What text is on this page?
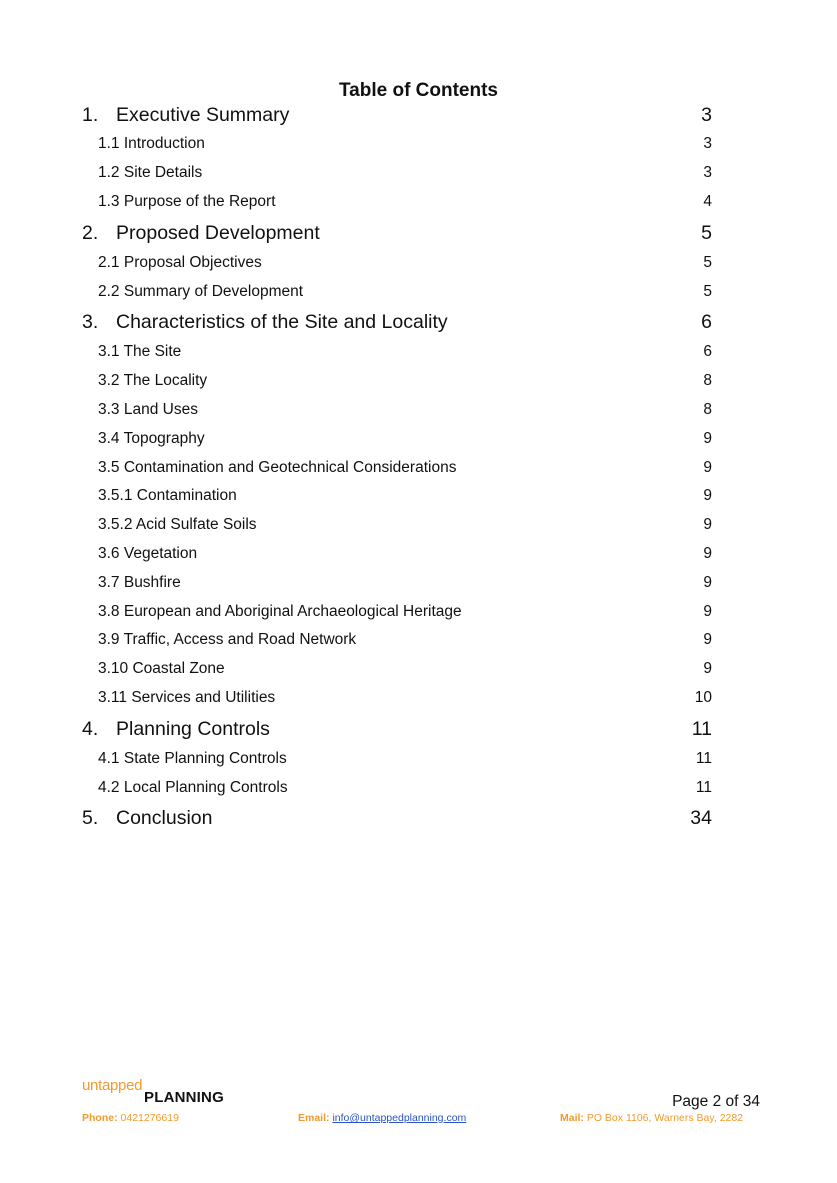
Table of Contents
1. Executive Summary	3
1.1 Introduction	3
1.2 Site Details	3
1.3 Purpose of the Report	4
2. Proposed Development	5
2.1 Proposal Objectives	5
2.2 Summary of Development	5
3. Characteristics of the Site and Locality	6
3.1 The Site	6
3.2 The Locality	8
3.3 Land Uses	8
3.4 Topography	9
3.5 Contamination and Geotechnical Considerations	9
3.5.1 Contamination	9
3.5.2 Acid Sulfate Soils	9
3.6 Vegetation	9
3.7 Bushfire	9
3.8 European and Aboriginal Archaeological Heritage	9
3.9 Traffic, Access and Road Network	9
3.10 Coastal Zone	9
3.11 Services and Utilities	10
4. Planning Controls	11
4.1 State Planning Controls	11
4.2 Local Planning Controls	11
5. Conclusion	34
untapped
PLANNING	Page 2 of 34
Phone: 0421276619	Email: info@untappedplanning.com	Mail: PO Box 1106, Warners Bay, 2282
